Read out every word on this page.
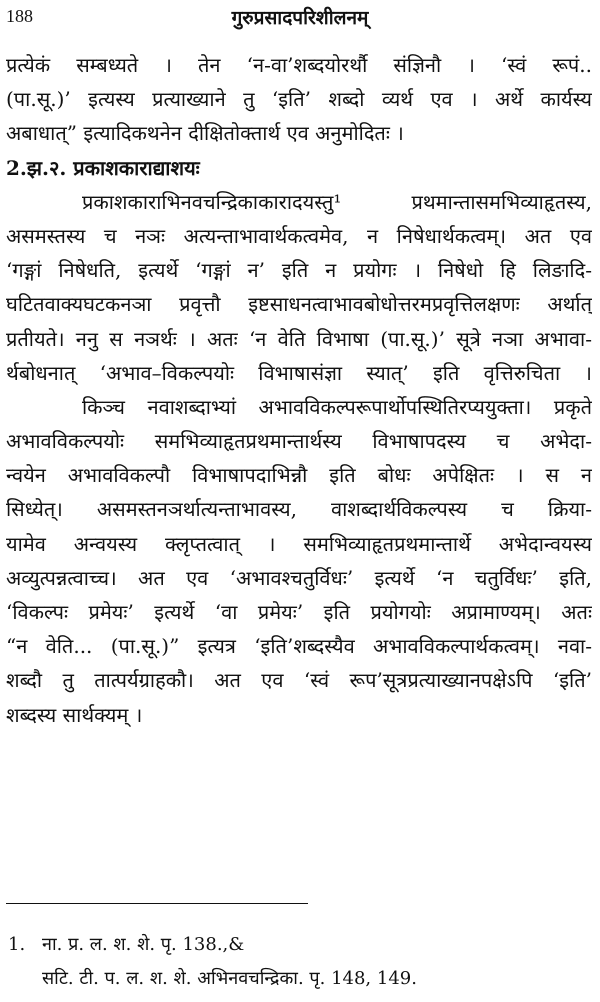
188	गुरुप्रसादपरिशीलनम्
प्रत्येकं सम्बध्यते । तेन ‘न-वा’शब्दयोरर्थौ संज्ञिनौ । ‘स्वं रूपं..
(पा.सू.)’ इत्यस्य प्रत्याख्याने तु ‘इति’ शब्दो व्यर्थ एव । अर्थे कार्यस्य
अबाधात्” इत्यादिकथनेन दीक्षितोक्तार्थ एव अनुमोदितः ।
2.झ.२. प्रकाशकाराद्याशयः
प्रकाशकाराभिनवचन्द्रिकाकारादयस्तु¹ प्रथमान्तासमभिव्याहृतस्य,
असमस्तस्य च नञः अत्यन्ताभावार्थकत्वमेव, न निषेधार्थकत्वम्। अत एव
‘गङ्गां निषेधति, इत्यर्थे ‘गङ्गां न’ इति न प्रयोगः । निषेधो हि लिङादि-
घटितवाक्यघटकनञा प्रवृत्तौ इष्टसाधनत्वाभावबोधोत्तरमप्रवृत्तिलक्षणः अर्थात्
प्रतीयते। ननु स नञर्थः । अतः ‘न वेति विभाषा (पा.सू.)’ सूत्रे नञा अभावा-
र्थबोधनात् ‘अभाव–विकल्पयोः विभाषासंज्ञा स्यात्’ इति वृत्तिरुचिता ।
किञ्च नवाशब्दाभ्यां अभावविकल्परूपार्थोपस्थितिरप्ययुक्ता। प्रकृते
अभावविकल्पयोः समभिव्याहृतप्रथमान्तार्थस्य विभाषापदस्य च अभेदा-
न्वयेन अभावविकल्पौ विभाषापदाभिन्नौ इति बोधः अपेक्षितः । स न
सिध्येत्। असमस्तनञर्थात्यन्ताभावस्य, वाशब्दार्थविकल्पस्य च क्रिया-
यामेव अन्वयस्य क्लृप्तत्वात् । समभिव्याहृतप्रथमान्तार्थे अभेदान्वयस्य
अव्युत्पन्नत्वाच्च। अत एव ‘अभावश्चतुर्विधः’ इत्यर्थे ‘न चतुर्विधः’ इति,
‘विकल्पः प्रमेयः’ इत्यर्थे ‘वा प्रमेयः’ इति प्रयोगयोः अप्रामाण्यम्। अतः
“न वेति... (पा.सू.)” इत्यत्र ‘इति’शब्दस्यैव अभावविकल्पार्थकत्वम्। नवा-
शब्दौ तु तात्पर्यग्राहकौ। अत एव ‘स्वं रूप’सूत्रप्रत्याख्यानपक्षेऽपि ‘इति’
शब्दस्य सार्थक्यम् ।
1. ना. प्र. ल. श. शे. पृ. 138.,&
सटि. टी. प. ल. श. शे. अभिनवचन्द्रिका. पृ. 148, 149.
